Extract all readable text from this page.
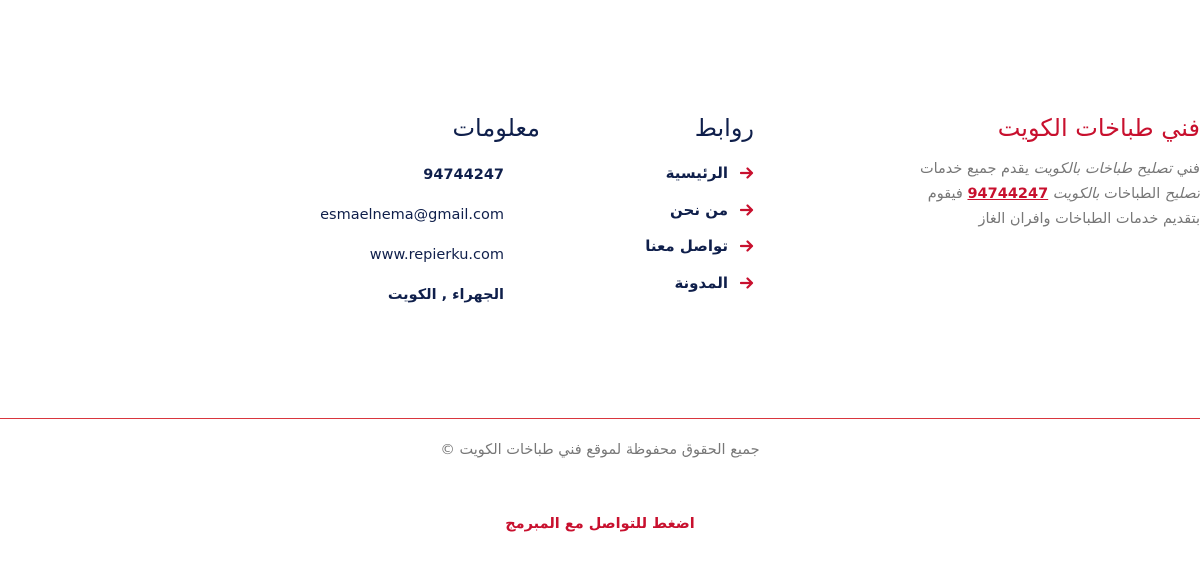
فني طباخات الكويت

فني تصليح طباخات بالكويت يقدم جميع خدمات
تصليح الطباخات بالكويت 94744247 فيقوم
بتقديم خدمات الطباخات وافران الغاز

روابط
الرئيسية
من نحن
تواصل معنا
المدونة
معلومات
94744247
esmaelnema@gmail.com
www.repierku.com
الجهراء , الكويت
جميع الحقوق محفوظة لموقع فني طباخات الكويت ©
اضغط للتواصل مع المبرمج
